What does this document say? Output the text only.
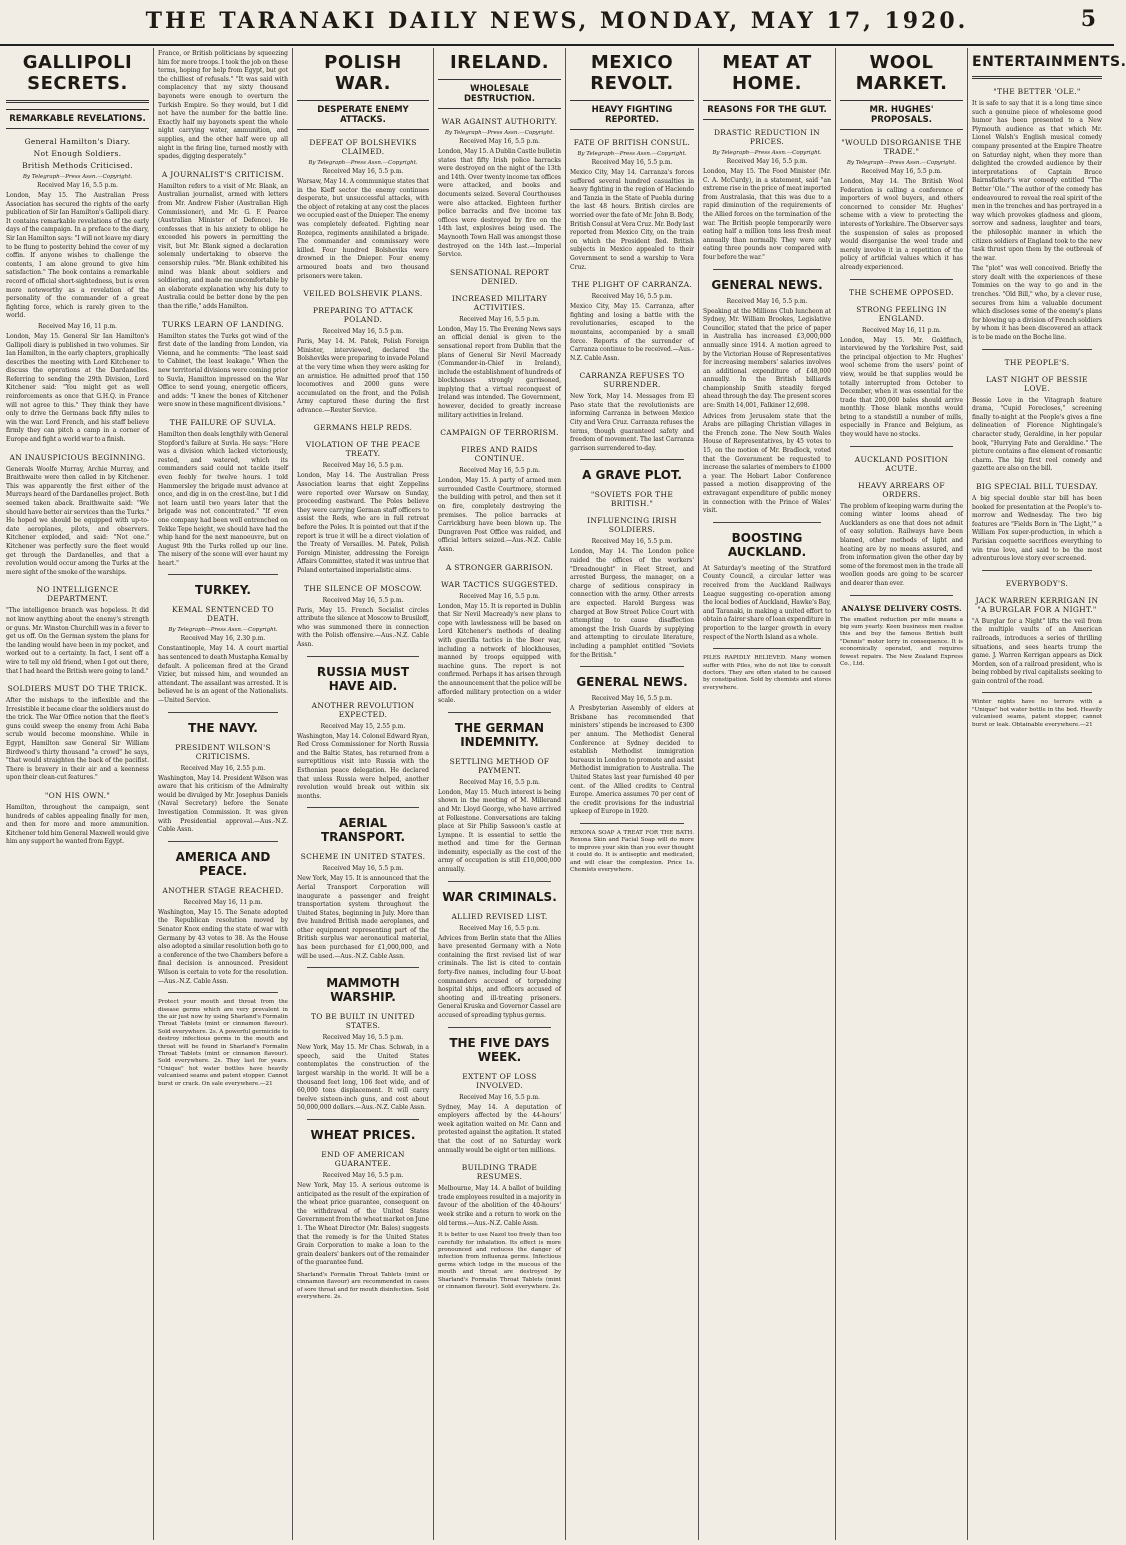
THE TARANAKI DAILY NEWS, MONDAY, MAY 17, 1920.	5
GALLIPOLI SECRETS.
REMARKABLE REVELATIONS.
General Hamilton's Diary.
Not Enough Soldiers.
British Methods Criticised.
By Telegraph—Press Assn.—Copyright.
Received May 16, 5.5 p.m.

London, May 15. The Australian Press Association has secured the rights of the early publication of Sir Ian Hamilton's Gallipoli diary. It contains remarkable revelations of the early days of the campaign. In a preface to the diary, Sir Ian Hamilton says: "I will not leave my diary to be flung to posterity behind the cover of my coffin. If anyone wishes to challenge the contents, I am alone ground to give him satisfaction." The book contains a remarkable record of official short-sightedness, but is even more noteworthy as a revelation of the personality of the commander of a great fighting force, which is rarely given to the world.

Received May 16, 11 p.m.

London, May 15. General Sir Ian Hamilton's Gallipoli diary is published in two volumes. Sir Ian Hamilton, in the early chapters, graphically describes the meeting with Lord Kitchener to discuss the operations at the Dardanelles. Referring to sending the 29th Division, Lord Kitchener said: "You might get as well reinforcements as once that G.H.Q. in France will not agree to this." They think they have only to drive the Germans back fifty miles to win the war. Lord French, and his staff believe firmly they can pitch a camp in a corner of Europe and fight a world war to a finish.

AN INAUSPICIOUS BEGINNING.

Generals Woolfe Murray, Archie Murray, and Braithwaite were then called in by Kitchener. This was apparently the first either of the Murrays heard of the Dardanelles project. Both seemed taken aback. Braithwaite said: "We should have better air services than the Turks." He hoped we should be equipped with up-to-date aeroplanes, pilots, and observers. Kitchener exploded, and said: "Not one." Kitchener was perfectly sure the fleet would get through the Dardanelles, and that a revolution would occur among the Turks at the mere sight of the smoke of the warships.

NO INTELLIGENCE DEPARTMENT.

"The intelligence branch was hopeless. It did not know anything about the enemy's strength or guns. Mr. Winston Churchill was in a fever to get us off. On the German system the plans for the landing would have been in my pocket, and worked out to a certainty. In fact, I sent off a wire to tell my old friend, when I got out there, that I had heard the British were going to land."

SOLDIERS MUST DO THE TRICK.

After the mishaps to the inflexible and the Irresistible it became clear the soldiers must do the trick. The War Office notion that the fleet's guns could sweep the enemy from Achi Baba scrub would become moonshine. While in Egypt, Hamilton saw General Sir William Birdwood's thirty thousand "a crowd" he says, "that would straighten the back of the pacifist. There is bravery in their air and a keenness upon their clean-cut features."

"ON HIS OWN."

Hamilton, throughout the campaign, sent hundreds of cables appealing finally for men, and then for more and more ammunition. Kitchener told him General Maxwell would give him any support he wanted from Egypt.

France, or British politicians by squeezing him for more troops. I took the job on these terms, hoping for help from Egypt, but got the chilliest of refusals." "It was said with complacency that my sixty thousand bayonets were enough to overturn the Turkish Empire. So they would, but I did not have the number for the battle line. Exactly half my bayonets spent the whole night carrying water, ammunition, and supplies, and the other half were up all night in the firing line, turned mostly with spades, digging desperately."

A JOURNALIST'S CRITICISM.

Hamilton refers to a visit of Mr. Blank, an Australian journalist, armed with letters from Mr. Andrew Fisher (Australian High Commissioner), and Mr. G. F. Pearce (Australian Minister of Defence). He confesses that in his anxiety to oblige he exceeded his powers in permitting the visit, but Mr. Blank signed a declaration solemnly undertaking to observe the censorship rules. "Mr. Blank exhibited his mind was blank about soldiers and soldiering, and made me uncomfortable by an elaborate explanation why his duty to Australia could be better done by the pen than the rifle," adds Hamilton.

TURKS LEARN OF LANDING.

Hamilton states the Turks got wind of the first date of the landing from London, via Vienna, and he comments: "The least said to Cabinet, the least leakage." When the new territorial divisions were coming prior to Suvla, Hamilton impressed on the War Office to send young, energetic officers, and adds: "I knew the bones of Kitchener were snow in these magnificent divisions."

THE FAILURE OF SUVLA.

Hamilton then deals lengthily with General Stopford's failure at Suvla. He says: "Here was a division which lacked victoriously, rested, and watered, which its commanders said could not tackle itself even feebly for twelve hours. I told Hammersley the brigade must advance at once, and dig in on the crest-line, but I did not learn until two years later that the brigade was not concentrated." "If even one company had been well entrenched on Tekke Tepe height, we should have had the whip hand for the next manoeuvre, but on August 9th the Turks rolled up our line. The misery of the scene will ever haunt my heart."

TURKEY.
KEMAL SENTENCED TO DEATH.
By Telegraph—Press Assn.—Copyright.
Received May 16, 2.30 p.m.

Constantinople, May 14. A court martial has sentenced to death Mustapha Kemal by default. A policeman fired at the Grand Vizier, but missed him, and wounded an attendant. The assailant was arrested. It is believed he is an agent of the Nationalists.—United Service.

THE NAVY.
PRESIDENT WILSON'S CRITICISMS.
Received May 16, 2.55 p.m.

Washington, May 14. President Wilson was aware that his criticism of the Admiralty would be divulged by Mr. Josephus Daniels (Naval Secretary) before the Senate Investigation Commission. It was given with Presidential approval.—Aus.-N.Z. Cable Assn.

AMERICA AND PEACE.
ANOTHER STAGE REACHED.
Received May 16, 11 p.m.

Washington, May 15. The Senate adopted the Republican resolution moved by Senator Knox ending the state of war with Germany by 43 votes to 38. As the House also adopted a similar resolution both go to a conference of the two Chambers before a final decision is announced. President Wilson is certain to vote for the resolution.—Aus.-N.Z. Cable Assn.

Protect your mouth and throat from the disease germs which are very prevalent in the air just now by using Sharland's Formalin Throat Tablets (mint or cinnamon flavour). Sold everywhere. 2s. A powerful germicide to destroy infectious germs in the mouth and throat will be found in Sharland's Formalin Throat Tablets (mint or cinnamon flavour). Sold everywhere. 2s. They last for years. "Unique" hot water bottles have heavily vulcanised seams and patent stopper. Cannot burst or crack. On sale everywhere.—21

POLISH WAR.
DESPERATE ENEMY ATTACKS.
DEFEAT OF BOLSHEVIKS CLAIMED.
By Telegraph—Press Assn.—Copyright.
Received May 16, 5.5 p.m.

Warsaw, May 14. A communique states that in the Kieff sector the enemy continues desperate, but unsuccessful attacks, with the object of retaking at any cost the places we occupied east of the Dnieper. The enemy was completely defeated. Fighting near Rozepca, regiments annihilated a brigade. The commander and commissary were killed. Four hundred Bolsheviks were drowned in the Dnieper. Four enemy armoured boats and two thousand prisoners were taken.

VEILED BOLSHEVIK PLANS.
PREPARING TO ATTACK POLAND.
Received May 16, 5.5 p.m.

Paris, May 14. M. Patek, Polish Foreign Minister, interviewed, declared the Bolsheviks were preparing to invade Poland at the very time when they were asking for an armistice. He admitted proof that 150 locomotives and 2000 guns were accumulated on the front, and the Polish Army captured these during the first advance.—Reuter Service.

GERMANS HELP REDS.
VIOLATION OF THE PEACE TREATY.
Received May 16, 5.5 p.m.

London, May 14. The Australian Press Association learns that eight Zeppelins were reported over Warsaw on Sunday, proceeding eastward. The Poles believe they were carrying German staff officers to assist the Reds, who are in full retreat before the Poles. It is pointed out that if the report is true it will be a direct violation of the Treaty of Versailles. M. Patek, Polish Foreign Minister, addressing the Foreign Affairs Committee, stated it was untrue that Poland entertained imperialistic aims.

THE SILENCE OF MOSCOW.
Received May 16, 5.5 p.m.

Paris, May 15. French Socialist circles attribute the silence at Moscow to Brusiloff, who was summoned there in connection with the Polish offensive.—Aus.-N.Z. Cable Assn.

RUSSIA MUST HAVE AID.
ANOTHER REVOLUTION EXPECTED.
Received May 15, 2.55 p.m.

Washington, May 14. Colonel Edward Ryan, Red Cross Commissioner for North Russia and the Baltic States, has returned from a surreptitious visit into Russia with the Esthonian peace delegation. He declared that unless Russia were helped, another revolution would break out within six months.

AERIAL TRANSPORT.
SCHEME IN UNITED STATES.
Received May 16, 5.5 p.m.

New York, May 15. It is announced that the Aerial Transport Corporation will inaugurate a passenger and freight transportation system throughout the United States, beginning in July. More than five hundred British made aeroplanes, and other equipment representing part of the British surplus war aeronautical material, has been purchased for £1,000,000, and will be used.—Aus.-N.Z. Cable Assn.

MAMMOTH WARSHIP.
TO BE BUILT IN UNITED STATES.
Received May 16, 5.5 p.m.

New York, May 15. Mr Chas. Schwab, in a speech, said the United States contemplates the construction of the largest warship in the world. It will be a thousand feet long, 106 feet wide, and of 60,000 tons displacement. It will carry twelve sixteen-inch guns, and cost about 50,000,000 dollars.—Aus.-N.Z. Cable Assn.

WHEAT PRICES.
END OF AMERICAN GUARANTEE.
Received May 16, 5.5 p.m.

New York, May 15. A serious outcome is anticipated as the result of the expiration of the wheat price guarantee, consequent on the withdrawal of the United States Government from the wheat market on June 1. The Wheat Director (Mr. Bales) suggests that the remedy is for the United States Grain Corporation to make a loan to the grain dealers' bankers out of the remainder of the guarantee fund.

Sharland's Formalin Throat Tablets (mint or cinnamon flavour) are recommended in cases of sore throat and for mouth disinfection. Sold everywhere. 2s.

IRELAND.
WHOLESALE DESTRUCTION.
WAR AGAINST AUTHORITY.
By Telegraph—Press Assn.—Copyright.
Received May 16, 5.5 p.m.

London, May 15. A Dublin Castle bulletin states that fifty Irish police barracks were destroyed on the night of the 13th and 14th. Over twenty income tax offices were attacked, and books and documents seized. Several Courthouses were also attacked. Eighteen further police barracks and five income tax offices were destroyed by fire on the 14th last, explosives being used. The Maynooth Town Hall was amongst those destroyed on the 14th last.—Imperial Service.

SENSATIONAL REPORT DENIED.
INCREASED MILITARY ACTIVITIES.
Received May 16, 5.5 p.m.

London, May 15. The Evening News says an official denial is given to the sensational report from Dublin that the plans of General Sir Nevil Macready (Commander-in-Chief in Ireland), include the establishment of hundreds of blockhouses strongly garrisoned, implying that a virtual reconquest of Ireland was intended. The Government, however, decided to greatly increase military activities in Ireland.

CAMPAIGN OF TERRORISM.
FIRES AND RAIDS CONTINUE.
Received May 16, 5.5 p.m.

London, May 15. A party of armed men surrounded Castle Courtmore, stormed the building with petrol, and then set it on fire, completely destroying the premises. The police barracks at Carrickburg have been blown up. The Dungraven Post Office was raided, and official letters seized.—Aus.-N.Z. Cable Assn.

A STRONGER GARRISON.
WAR TACTICS SUGGESTED.
Received May 16, 5.5 p.m.

London, May 15. It is reported in Dublin that Sir Nevil Macready's new plans to cope with lawlessness will be based on Lord Kitchener's methods of dealing with guerilla tactics in the Boer war, including a network of blockhouses, manned by troops equipped with machine guns. The report is not confirmed. Perhaps it has arisen through the announcement that the police will be afforded military protection on a wider scale.

THE GERMAN INDEMNITY.
SETTLING METHOD OF PAYMENT.
Received May 16, 5.5 p.m.

London, May 15. Much interest is being shown in the meeting of M. Millerand and Mr. Lloyd George, who have arrived at Folkestone. Conversations are taking place at Sir Philip Sassoon's castle at Lympne. It is essential to settle the method and time for the German indemnity, especially as the cost of the army of occupation is still £10,000,000 annually.

WAR CRIMINALS.
ALLIED REVISED LIST.
Received May 16, 5.5 p.m.

Advices from Berlin state that the Allies have presented Germany with a Note containing the first revised list of war criminals. The list is cited to contain forty-five names, including four U-boat commanders accused of torpedoing hospital ships, and officers accused of shooting and ill-treating prisoners. General Kruska and Governor Cassel are accused of spreading typhus germs.

THE FIVE DAYS WEEK.
EXTENT OF LOSS INVOLVED.
Received May 16, 5.5 p.m.

Sydney, May 14. A deputation of employers affected by the 44-hours' week agitation waited on Mr. Cann and protested against the agitation. It stated that the cost of no Saturday work annually would be eight or ten millions.

BUILDING TRADE RESUMES.

Melbourne, May 14. A ballot of building trade employees resulted in a majority in favour of the abolition of the 40-hours' week strike and a return to work on the old terms.—Aus.-N.Z. Cable Assn.

It is better to use Nazol too freely than too carefully for inhalation. Its effect is more pronounced and reduces the danger of infection from influenza germs. Infectious germs which lodge in the mucous of the mouth and throat are destroyed by Sharland's Formalin Throat Tablets (mint or cinnamon flavour). Sold everywhere. 2s.

MEXICO REVOLT.
HEAVY FIGHTING REPORTED.
FATE OF BRITISH CONSUL.
By Telegraph—Press Assn.—Copyright.
Received May 16, 5.5 p.m.

Mexico City, May 14. Carranza's forces suffered several hundred casualties in heavy fighting in the region of Haciendo and Tanzia in the State of Puebla during the last 48 hours. British circles are worried over the fate of Mr. John B. Body, British Consul at Vera Cruz. Mr. Body last reported from Mexico City, on the train on which the President fled. British subjects in Mexico appealed to their Government to send a warship to Vera Cruz.

THE PLIGHT OF CARRANZA.
Received May 16, 5.5 p.m.

Mexico City, May 15. Carranza, after fighting and losing a battle with the revolutionaries, escaped to the mountains, accompanied by a small force. Reports of the surrender of Carranza continue to be received.—Aus.-N.Z. Cable Assn.

CARRANZA REFUSES TO SURRENDER.

New York, May 14. Messages from El Paso state that the revolutionists are informing Carranza in between Mexico City and Vera Cruz. Carranza refuses the terms, though guaranteed safety and freedom of movement. The last Carranza garrison surrendered to-day.

A GRAVE PLOT.
"SOVIETS FOR THE BRITISH."
INFLUENCING IRISH SOLDIERS.
Received May 16, 5.5 p.m.

London, May 14. The London police raided the offices of the workers' "Dreadnought" in Fleet Street, and arrested Burgess, the manager, on a charge of seditious conspiracy in connection with the army. Other arrests are expected. Harold Burgess was charged at Bow Street Police Court with attempting to cause disaffection amongst the Irish Guards by supplying and attempting to circulate literature, including a pamphlet entitled "Soviets for the British."

GENERAL NEWS.
Received May 16, 5.5 p.m.

A Presbyterian Assembly of elders at Brisbane has recommended that ministers' stipends be increased to £300 per annum. The Methodist General Conference at Sydney decided to establish Methodist immigration bureaux in London to promote and assist Methodist immigration to Australia. The United States last year furnished 40 per cent. of the Allied credits to Central Europe. America assumes 70 per cent of the credit provisions for the industrial upkeep of Europe in 1920.

REXONA SOAP A TREAT FOR THE BATH. Rexona Skin and Facial Soap will do more to improve your skin than you ever thought it could do. It is antiseptic and medicated, and will clear the complexion. Price 1s. Chemists everywhere.

MEAT AT HOME.
REASONS FOR THE GLUT.
DRASTIC REDUCTION IN PRICES.
By Telegraph—Press Assn.—Copyright.
Received May 16, 5.5 p.m.

London, May 15. The Food Minister (Mr. C. A. McCurdy), in a statement, said "an extreme rise in the price of meat imported from Australasia, that this was due to a rapid diminution of the requirements of the Allied forces on the termination of the war. The British people temporarily were eating half a million tons less fresh meat annually than normally. They were only eating three pounds now compared with four before the war."

GENERAL NEWS.
Received May 16, 5.5 p.m.

Speaking at the Millions Club luncheon at Sydney, Mr. William Brookes, Legislative Councillor, stated that the price of paper in Australia has increased £3,000,000 annually since 1914. A motion agreed to by the Victorian House of Representatives for increasing members' salaries involves an additional expenditure of £48,000 annually. In the British billiards championship Smith steadily forged ahead through the day. The present scores are: Smith 14,001, Falkiner 12,698.

Advices from Jerusalem state that the Arabs are pillaging Christian villages in the French zone. The New South Wales House of Representatives, by 45 votes to 15, on the motion of Mr. Bradlock, voted that the Government be requested to increase the salaries of members to £1000 a year. The Hobart Labor Conference passed a motion disapproving of the extravagant expenditure of public money in connection with the Prince of Wales' visit.

BOOSTING AUCKLAND.

At Saturday's meeting of the Stratford County Council, a circular letter was received from the Auckland Railways League suggesting co-operation among the local bodies of Auckland, Hawke's Bay, and Taranaki, in making a united effort to obtain a fairer share of loan expenditure in proportion to the larger growth in every respect of the North Island as a whole.

PILES RAPIDLY RELIEVED. Many women suffer with Piles, who do not like to consult doctors. They are often stated to be caused by constipation. Sold by chemists and stores everywhere.

WOOL MARKET.
MR. HUGHES' PROPOSALS.
"WOULD DISORGANISE THE TRADE."
By Telegraph—Press Assn.—Copyright.
Received May 16, 5.5 p.m.

London, May 14. The British Wool Federation is calling a conference of importers of wool buyers, and others concerned to consider Mr. Hughes' scheme with a view to protecting the interests of Yorkshire. The Observer says the suspension of sales as proposed would disorganise the wool trade and merely involve it in a repetition of the policy of artificial values which it has already experienced.

THE SCHEME OPPOSED.
STRONG FEELING IN ENGLAND.
Received May 16, 11 p.m.

London, May 15. Mr. Goldfinch, interviewed by the Yorkshire Post, said the principal objection to Mr. Hughes' wool scheme from the users' point of view, would be that supplies would be totally interrupted from October to December, when it was essential for the trade that 200,000 bales should arrive monthly. Those blank months would bring to a standstill a number of mills, especially in France and Belgium, as they would have no stocks.

AUCKLAND POSITION ACUTE.
HEAVY ARREARS OF ORDERS.

The problem of keeping warm during the coming winter looms ahead of Aucklanders as one that does not admit of easy solution. Railways have been blamed, other methods of light and heating are by no means assured, and from information given the other day by some of the foremost men in the trade all woollen goods are going to be scarcer and dearer than ever.

ANALYSE DELIVERY COSTS.

The smallest reduction per mile means a big sum yearly. Keen business men realise this and buy the famous British built "Dennis" motor lorry in consequence. It is economically operated, and requires fewest repairs. The New Zealand Express Co., Ltd.

ENTERTAINMENTS.
"THE BETTER 'OLE."

It is safe to say that it is a long time since such a genuine piece of wholesome good humor has been presented to a New Plymouth audience as that which Mr. Lionel Walsh's English musical comedy company presented at the Empire Theatre on Saturday night, when they more than delighted the crowded audience by their interpretations of Captain Bruce Bairnsfather's war comedy entitled "The Better 'Ole." The author of the comedy has endeavoured to reveal the real spirit of the men in the trenches and has portrayed in a way which provokes gladness and gloom, sorrow and sadness, laughter and tears, the philosophic manner in which the citizen soldiers of England took to the new task thrust upon them by the outbreak of the war.

The "plot" was well conceived. Briefly the story dealt with the experiences of these Tommies on the way to go and in the trenches. "Old Bill," who, by a clever ruse, secures from him a valuable document which discloses some of the enemy's plans for blowing up a division of French soldiers by whom it has been discovered an attack is to be made on the Boche line.

THE PEOPLE'S.
LAST NIGHT OF BESSIE LOVE.

Bessie Love in the Vitagraph feature drama, "Cupid Forecloses," screening finally to-night at the People's gives a fine delineation of Florence Nightingale's character study, Geraldine, in her popular book, "Hurrying Fate and Geraldine." The picture contains a fine element of romantic charm. The big first reel comedy and gazette are also on the bill.

BIG SPECIAL BILL TUESDAY.

A big special double star bill has been booked for presentation at the People's to-morrow and Wednesday. The two big features are "Fields Born in 'The Light,'" a William Fox super-production, in which a Parisian coquette sacrifices everything to win true love, and said to be the most adventurous love story ever screened.

EVERYBODY'S.
JACK WARREN KERRIGAN IN "A BURGLAR FOR A NIGHT."

"A Burglar for a Night" lifts the veil from the multiple vaults of an American railroads, introduces a series of thrilling situations, and sees hearts trump the game. J. Warren Kerrigan appears as Dick Morden, son of a railroad president, who is being robbed by rival capitalists seeking to gain control of the road.

Winter nights have no terrors with a "Unique" hot water bottle in the bed. Heavily vulcanised seams, patent stopper, cannot burst or leak. Obtainable everywhere.—21
